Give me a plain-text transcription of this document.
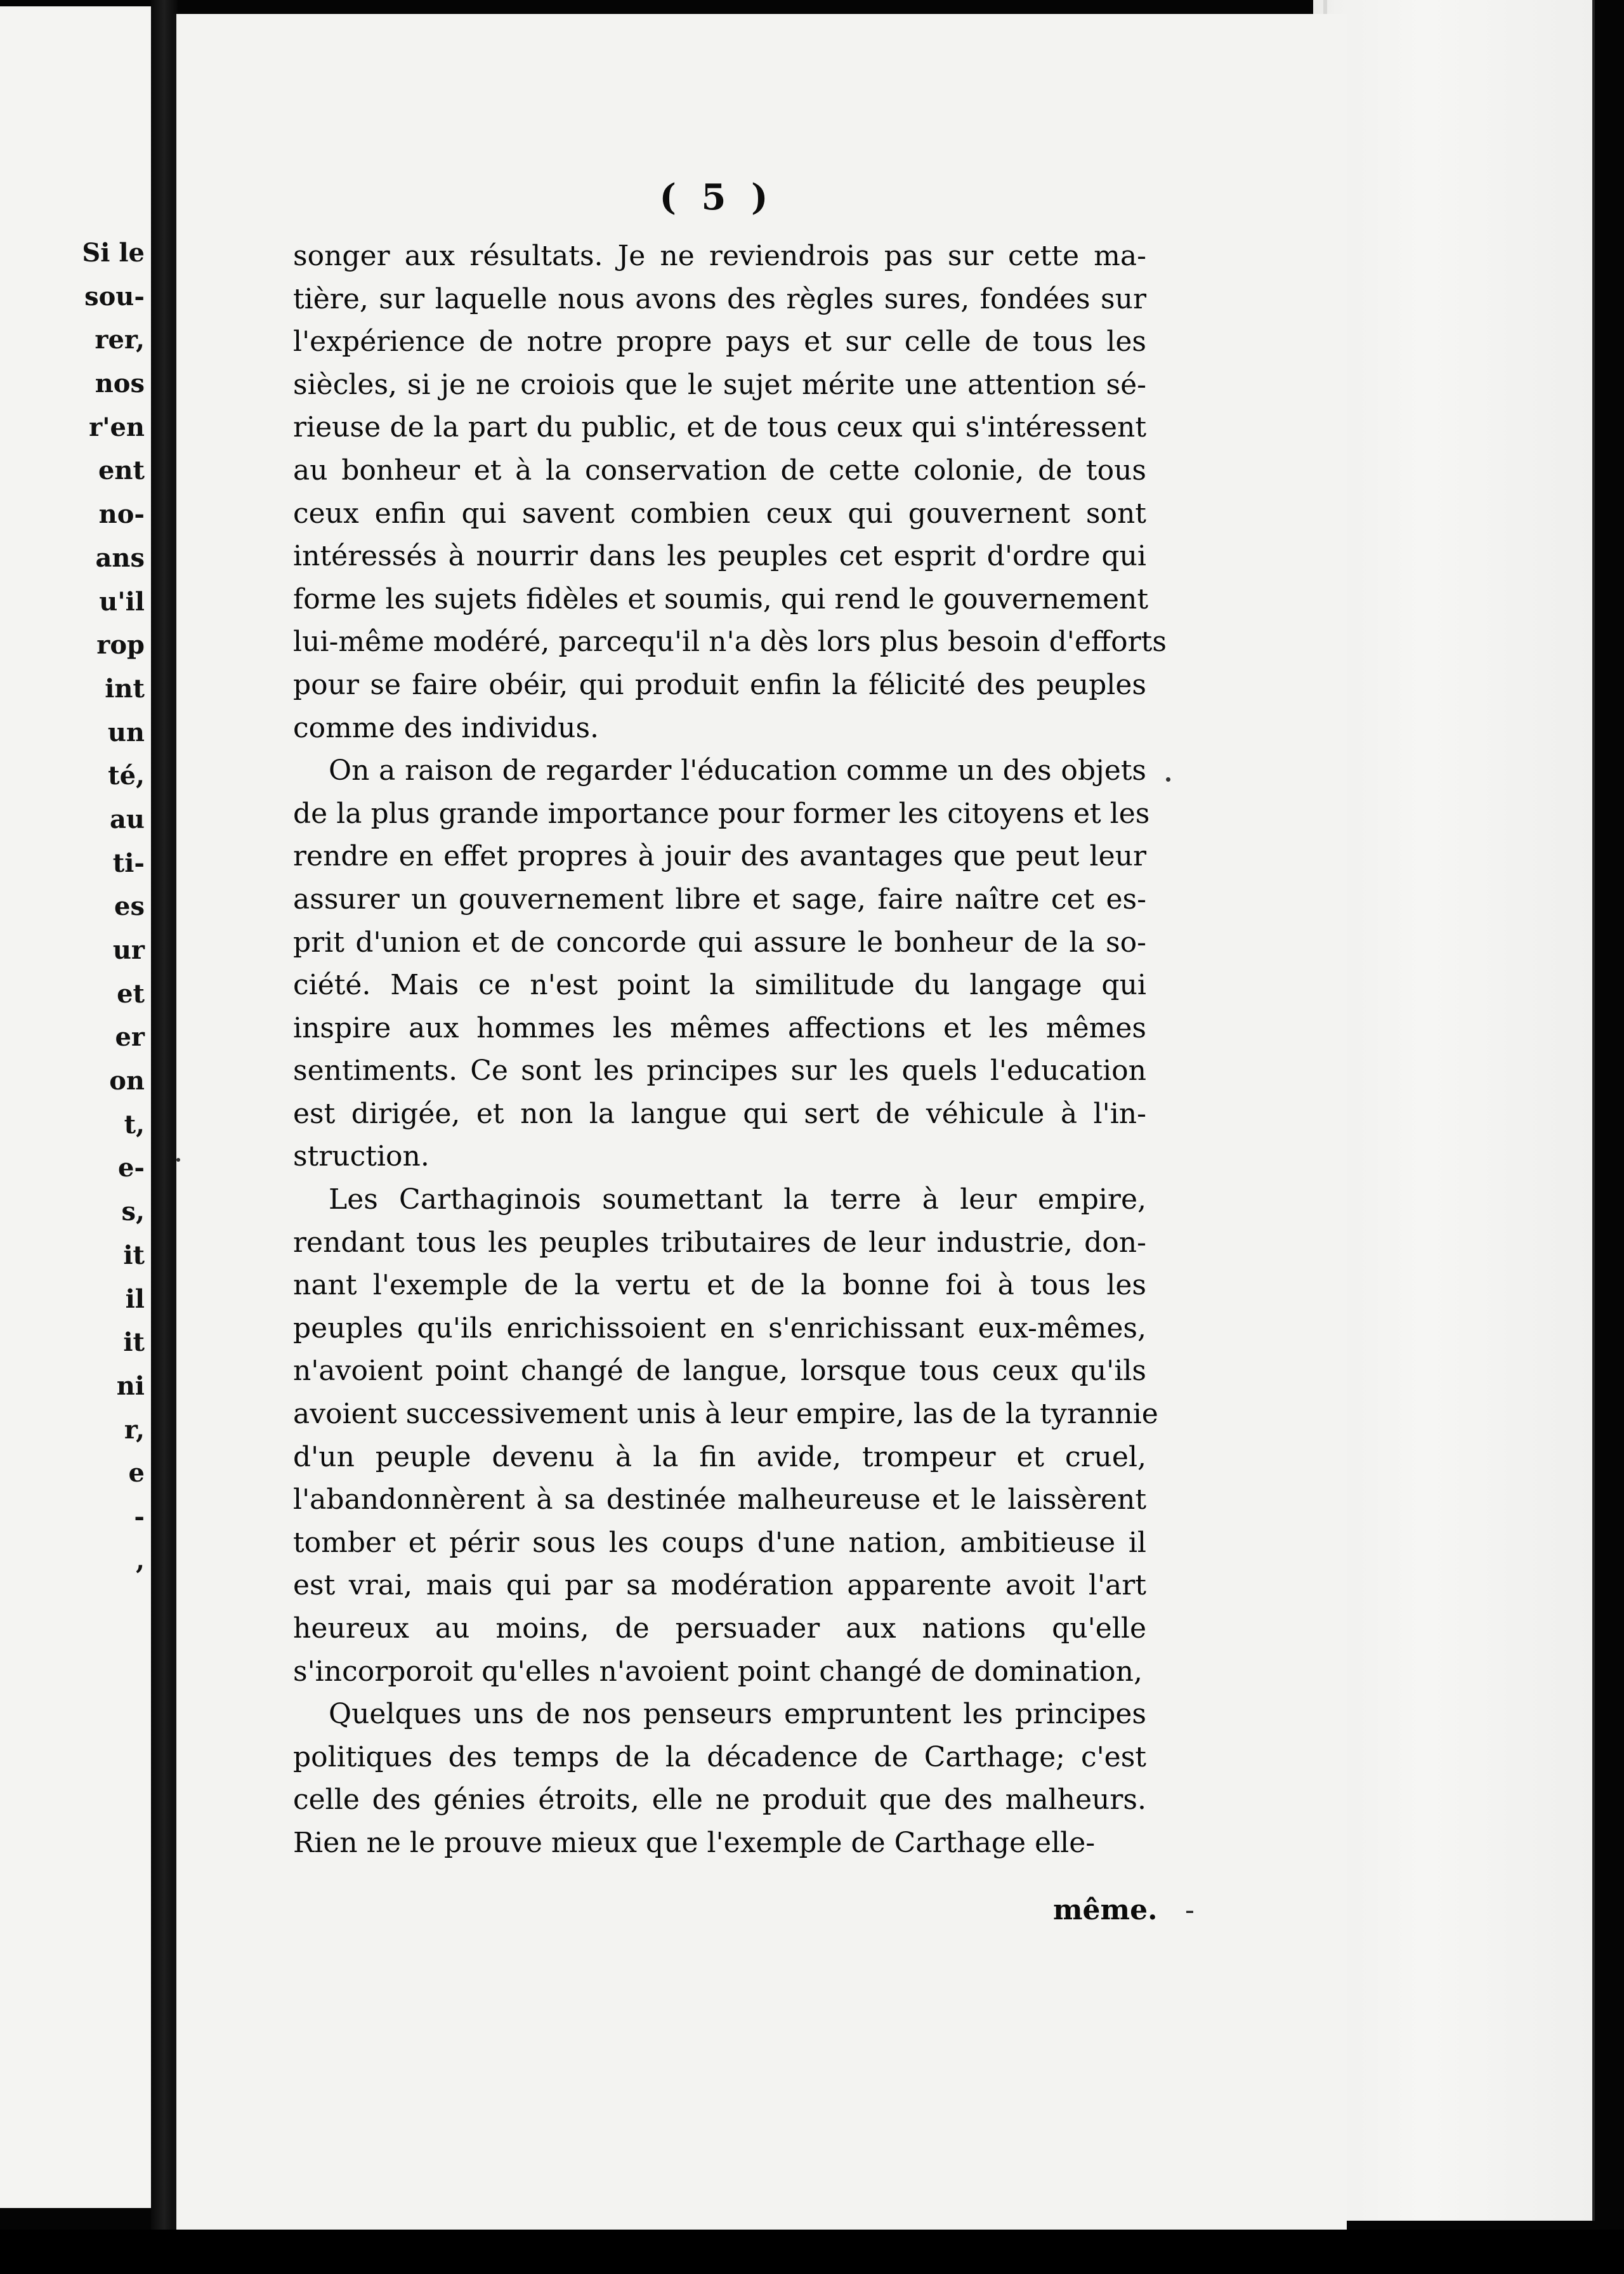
Si le
sou-
rer,
nos
r'en
ent
no-
ans
u'il
rop
int
un
té,
au
ti-
es
ur
et
er
on
t,
e-
s,
it
il
it
ni
r,
e
-
,
( 5 )
songer aux résultats. Je ne reviendrois pas sur cette ma-
tière, sur laquelle nous avons des règles sures, fondées sur
l'expérience de notre propre pays et sur celle de tous les
siècles, si je ne croiois que le sujet mérite une attention sé-
rieuse de la part du public, et de tous ceux qui s'intéressent
au bonheur et à la conservation de cette colonie, de tous
ceux enfin qui savent combien ceux qui gouvernent sont
intéressés à nourrir dans les peuples cet esprit d'ordre qui
forme les sujets fidèles et soumis, qui rend le gouvernement
lui-même modéré, parcequ'il n'a dès lors plus besoin d'efforts
pour se faire obéir, qui produit enfin la félicité des peuples
comme des individus.
On a raison de regarder l'éducation comme un des objets
de la plus grande importance pour former les citoyens et les
rendre en effet propres à jouir des avantages que peut leur
assurer un gouvernement libre et sage, faire naître cet es-
prit d'union et de concorde qui assure le bonheur de la so-
ciété. Mais ce n'est point la similitude du langage qui
inspire aux hommes les mêmes affections et les mêmes
sentiments. Ce sont les principes sur les quels l'education
est dirigée, et non la langue qui sert de véhicule à l'in-
struction.
Les Carthaginois soumettant la terre à leur empire,
rendant tous les peuples tributaires de leur industrie, don-
nant l'exemple de la vertu et de la bonne foi à tous les
peuples qu'ils enrichissoient en s'enrichissant eux-mêmes,
n'avoient point changé de langue, lorsque tous ceux qu'ils
avoient successivement unis à leur empire, las de la tyrannie
d'un peuple devenu à la fin avide, trompeur et cruel,
l'abandonnèrent à sa destinée malheureuse et le laissèrent
tomber et périr sous les coups d'une nation, ambitieuse il
est vrai, mais qui par sa modération apparente avoit l'art
heureux au moins, de persuader aux nations qu'elle
s'incorporoit qu'elles n'avoient point changé de domination,
Quelques uns de nos penseurs empruntent les principes
politiques des temps de la décadence de Carthage; c'est
celle des génies étroits, elle ne produit que des malheurs.
Rien ne le prouve mieux que l'exemple de Carthage elle-
même. -
